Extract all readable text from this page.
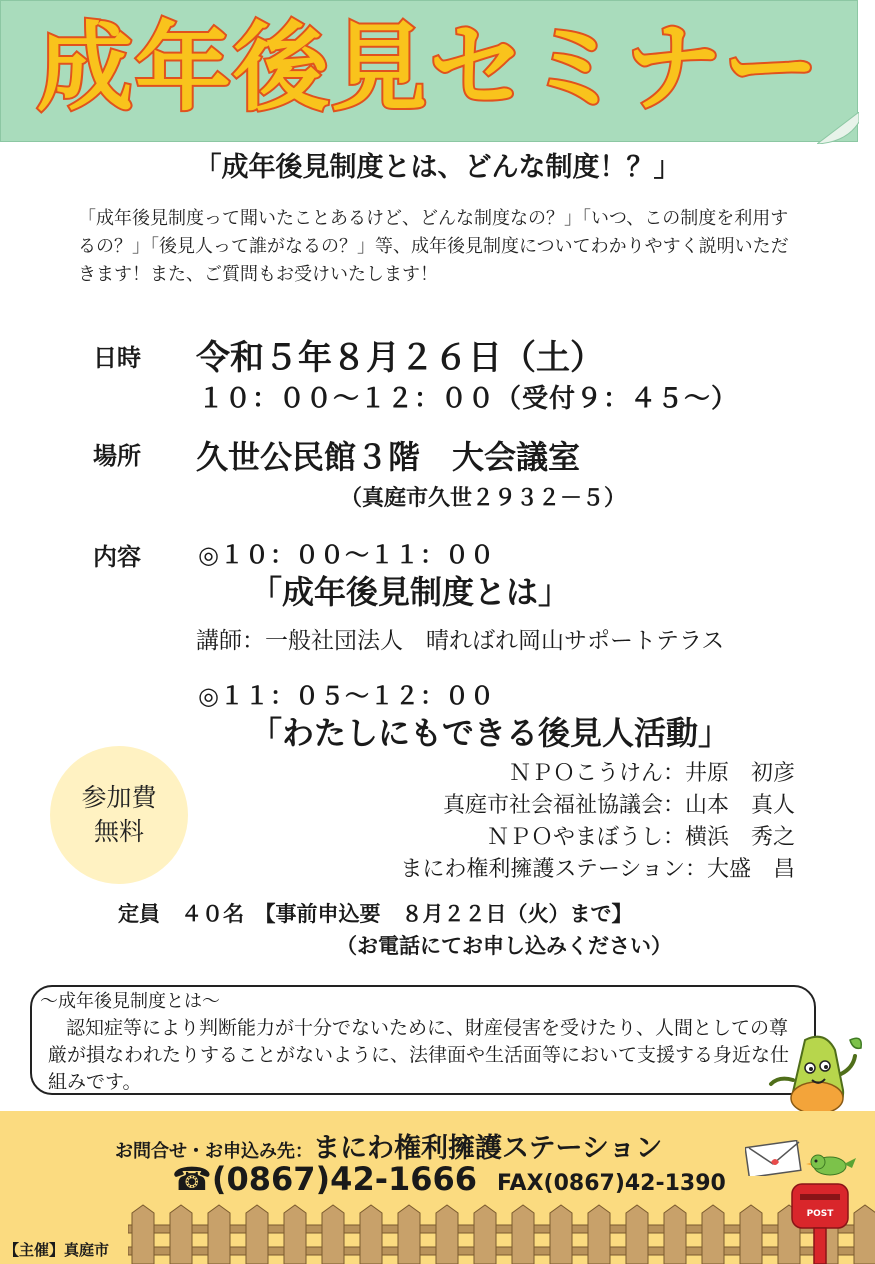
成年後見セミナー
「成年後見制度とは、どんな制度！？」
「成年後見制度って聞いたことあるけど、どんな制度なの？」「いつ、この制度を利用するの？」「後見人って誰がなるの？」等、成年後見制度についてわかりやすく説明いただきます！また、ご質問もお受けいたします！
日時 令和５年８月２６日（土）
１０：００～１２：００（受付９：４５～）
場所 久世公民館３階　大会議室
（真庭市久世２９３２－５）
内容 ◎１０：００～１１：００
「成年後見制度とは」
講師：一般社団法人　晴ればれ岡山サポートテラス
◎１１：０５～１２：００
「わたしにもできる後見人活動」
ＮＰＯこうけん：井原　初彦
真庭市社会福祉協議会：山本　真人
ＮＰＯやまぼうし：横浜　秀之
まにわ権利擁護ステーション：大盛　昌
参加費
無料
定員　４０名　【事前申込要　８月２２日（火）まで】
（お電話にてお申し込みください）
～成年後見制度とは～
認知症等により判断能力が十分でないために、財産侵害を受けたり、人間としての尊厳が損なわれたりすることがないように、法律面や生活面等において支援する身近な仕組みです。
お問合せ・お申込み先：まにわ権利擁護ステーション
☎(0867)42-1666 FAX(0867)42-1390
POST
【主催】真庭市
